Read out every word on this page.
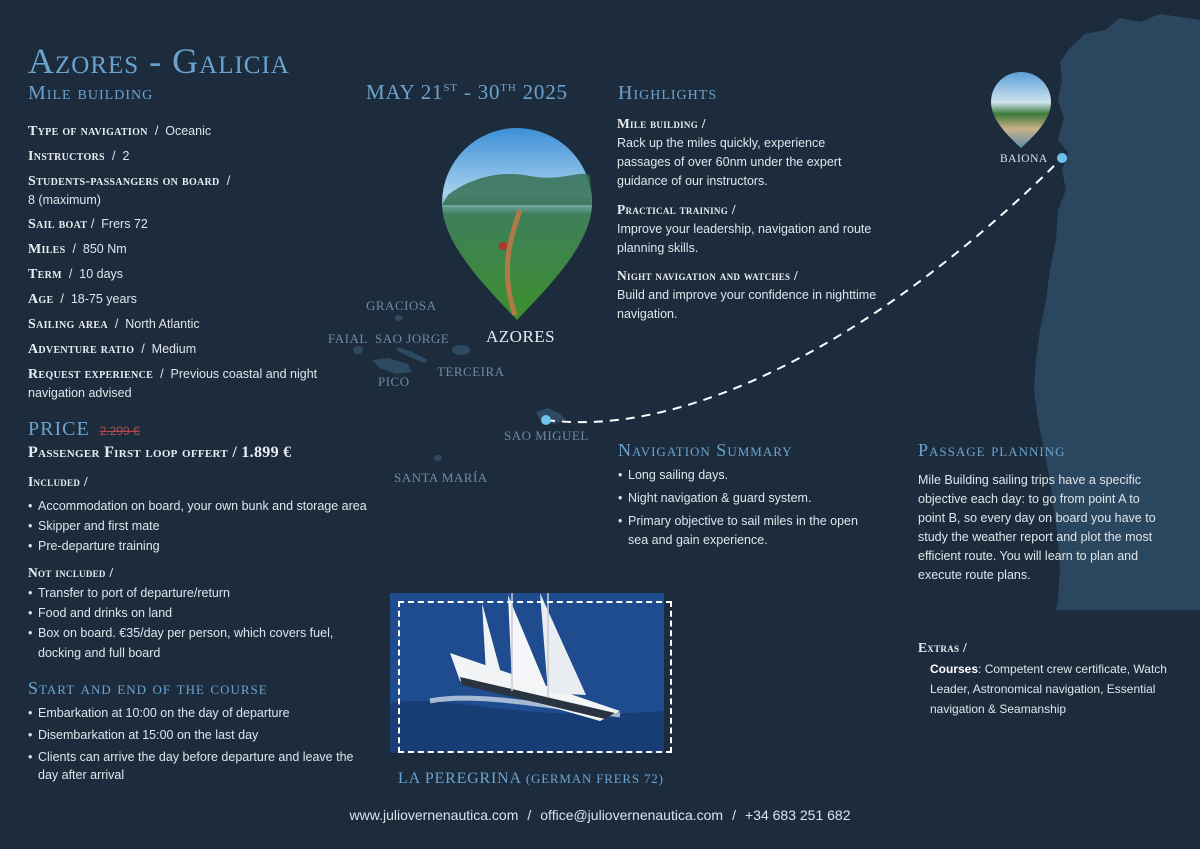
Azores - Galicia
Mile building
Type of navigation  /  Oceanic
Instructors  /  2
Students-passangers on board  /
8 (maximum)
Sail boat /  Frers 72
Miles  /  850 Nm
Term  /  10 days
Age  /  18-75 years
Sailing area  /  North Atlantic
Adventure ratio  /  Medium
Request experience  /  Previous coastal and night navigation advised
PRICE 2.299 €
Passenger First loop offert / 1.899 €
Included /
• Accommodation on board, your own bunk and storage area
• Skipper and first mate
• Pre-departure training
Not included /
• Transfer to port of departure/return
• Food and drinks on land
• Box on board. €35/day per person, which covers fuel, docking and full board
Start and end of the course
• Embarkation at 10:00 on the day of departure
• Disembarkation at 15:00 on the last day
• Clients can arrive the day before departure and leave the day after arrival
MAY 21ST - 30TH 2025
GRACIOSA
FAIAL SAO JORGE
PICO
TERCEIRA
SAO MIGUEL
SANTA MARÍA
AZORES
BAIONA
LA PEREGRINA (GERMAN FRERS 72)
Highlights
Mile building /

Rack up the miles quickly, experience passages of over 60nm under the expert guidance of our instructors.

Practical training /

Improve your leadership, navigation and route planning skills.

Night navigation and watches /

Build and improve your confidence in nighttime navigation.

Navigation Summary
• Long sailing days.
• Night navigation & guard system.
• Primary objective to sail miles in the open sea and gain experience.
Passage planning
Mile Building sailing trips have a specific objective each day: to go from point A to point B, so every day on board you have to study the weather report and plot the most efficient route. You will learn to plan and execute route plans.
Extras /
Courses: Competent crew certificate, Watch Leader, Astronomical navigation, Essential navigation & Seamanship
www.juliovernenautica.com / office@juliovernenautica.com / +34 683 251 682
